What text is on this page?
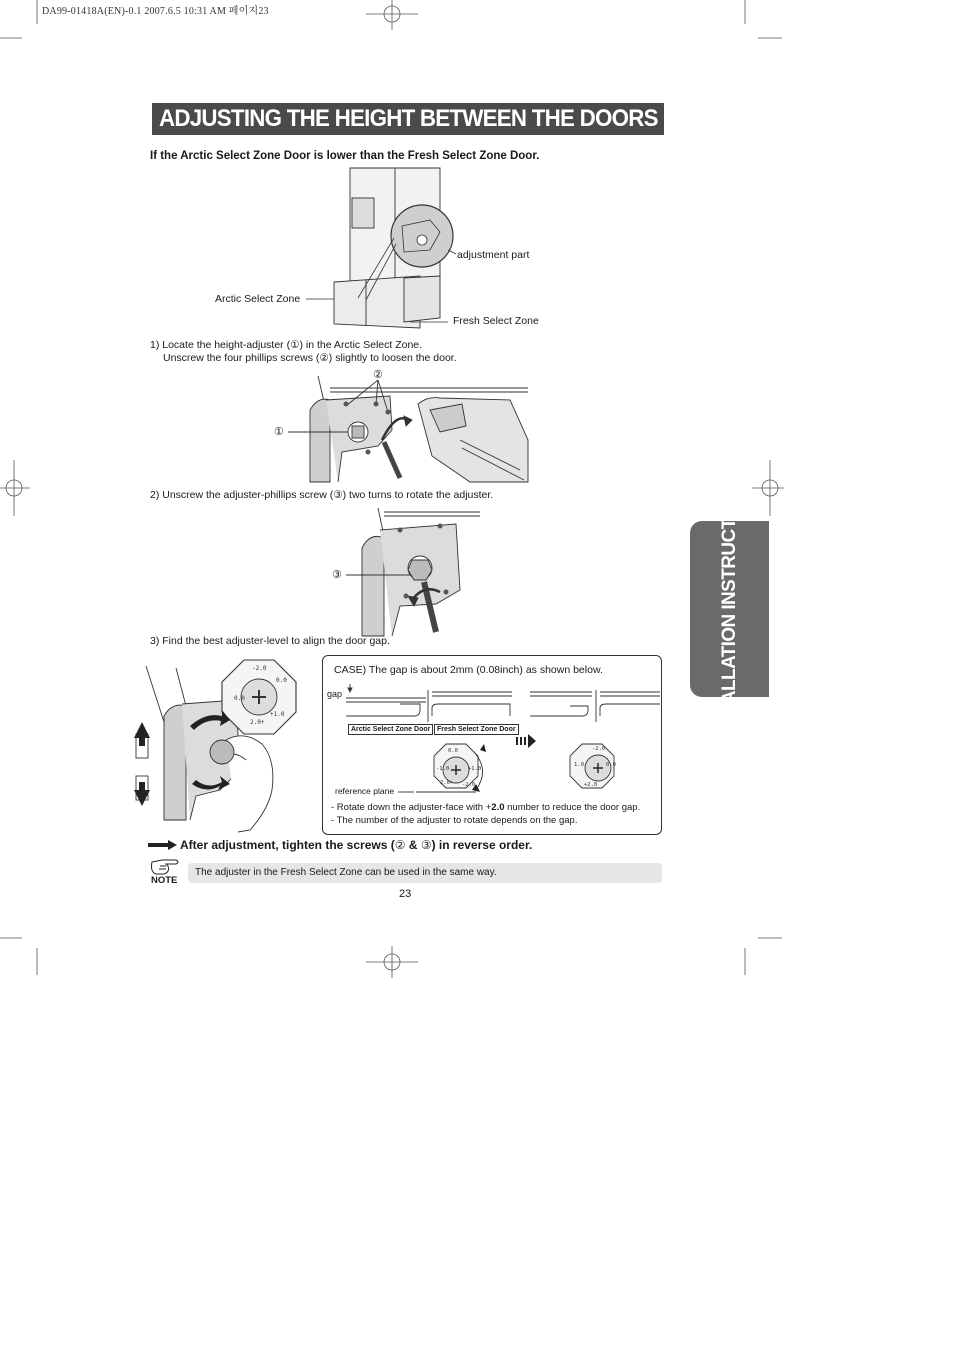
DA99-01418A(EN)-0.1 2007.6.5 10:31 AM 페이지23
ADJUSTING THE HEIGHT BETWEEN THE DOORS
If the Arctic Select Zone Door is lower than the Fresh Select Zone Door.
adjustment part
Arctic Select Zone
Fresh Select Zone
1) Locate the height-adjuster (①) in the Arctic Select Zone.
Unscrew the four phillips screws (②) slightly to loosen the door.
②
①
2) Unscrew the adjuster-phillips screw (③) two turns to rotate the adjuster.
③
3) Find the best adjuster-level to align the door gap.
-2.0
0.0
0.0
2.0+
+1.0
CASE) The gap is about 2mm (0.08inch) as shown below.
gap
0.0
-1.0	+1.0
2.0+ -2.0
-2.0
1.0	0.0
+2.0
Arctic Select Zone Door Fresh Select Zone Door
reference plane
- Rotate down the adjuster-face with +2.0 number to reduce the door gap.
- The number of the adjuster to rotate depends on the gap.
After adjustment, tighten the screws (② & ③) in reverse order.
NOTE
The adjuster in the Fresh Select Zone can be used in the same way.
23
INSTALLATION INSTRUCTIONS
